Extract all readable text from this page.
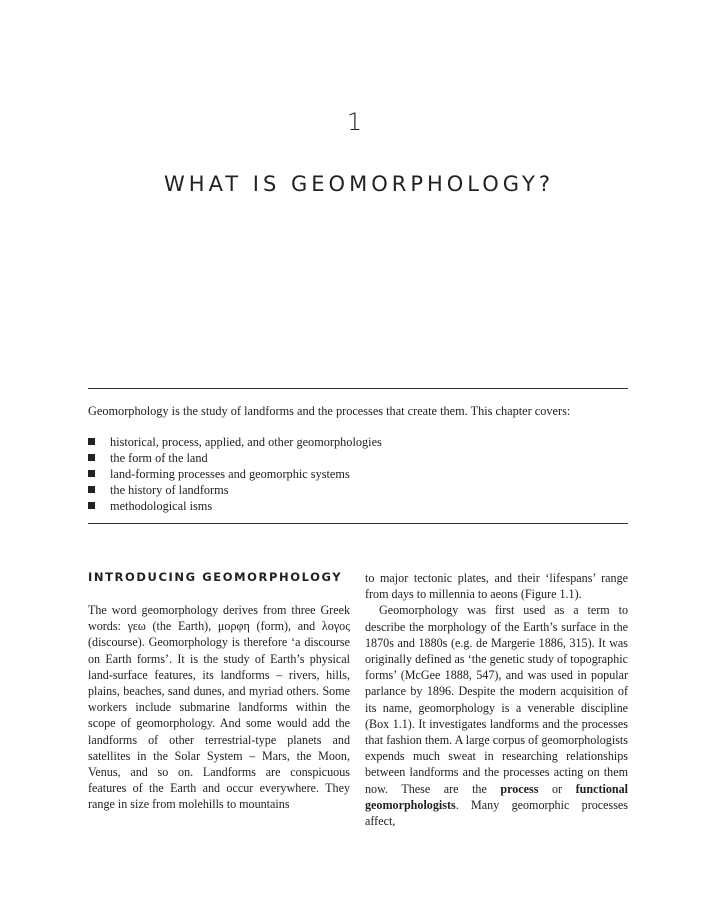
1
WHAT IS GEOMORPHOLOGY?
Geomorphology is the study of landforms and the processes that create them. This chapter covers:
historical, process, applied, and other geomorphologies
the form of the land
land-forming processes and geomorphic systems
the history of landforms
methodological isms
INTRODUCING GEOMORPHOLOGY

The word geomorphology derives from three Greek words: γεω (the Earth), μορφη (form), and λογος (discourse). Geomorphology is therefore ‘a discourse on Earth forms’. It is the study of Earth’s physical land-surface features, its landforms – rivers, hills, plains, beaches, sand dunes, and myriad others. Some workers include submarine landforms within the scope of geomorphology. And some would add the landforms of other terrestrial-type planets and satellites in the Solar System – Mars, the Moon, Venus, and so on. Landforms are conspicuous features of the Earth and occur everywhere. They range in size from molehills to mountains

to major tectonic plates, and their ‘lifespans’ range from days to millennia to aeons (Figure 1.1).

Geomorphology was first used as a term to describe the morphology of the Earth’s surface in the 1870s and 1880s (e.g. de Margerie 1886, 315). It was originally defined as ‘the genetic study of topographic forms’ (McGee 1888, 547), and was used in popular parlance by 1896. Despite the modern acquisition of its name, geomorphology is a venerable discipline (Box 1.1). It investigates landforms and the processes that fashion them. A large corpus of geomorphologists expends much sweat in researching relationships between landforms and the processes acting on them now. These are the process or functional geomorphologists. Many geomorphic processes affect,
